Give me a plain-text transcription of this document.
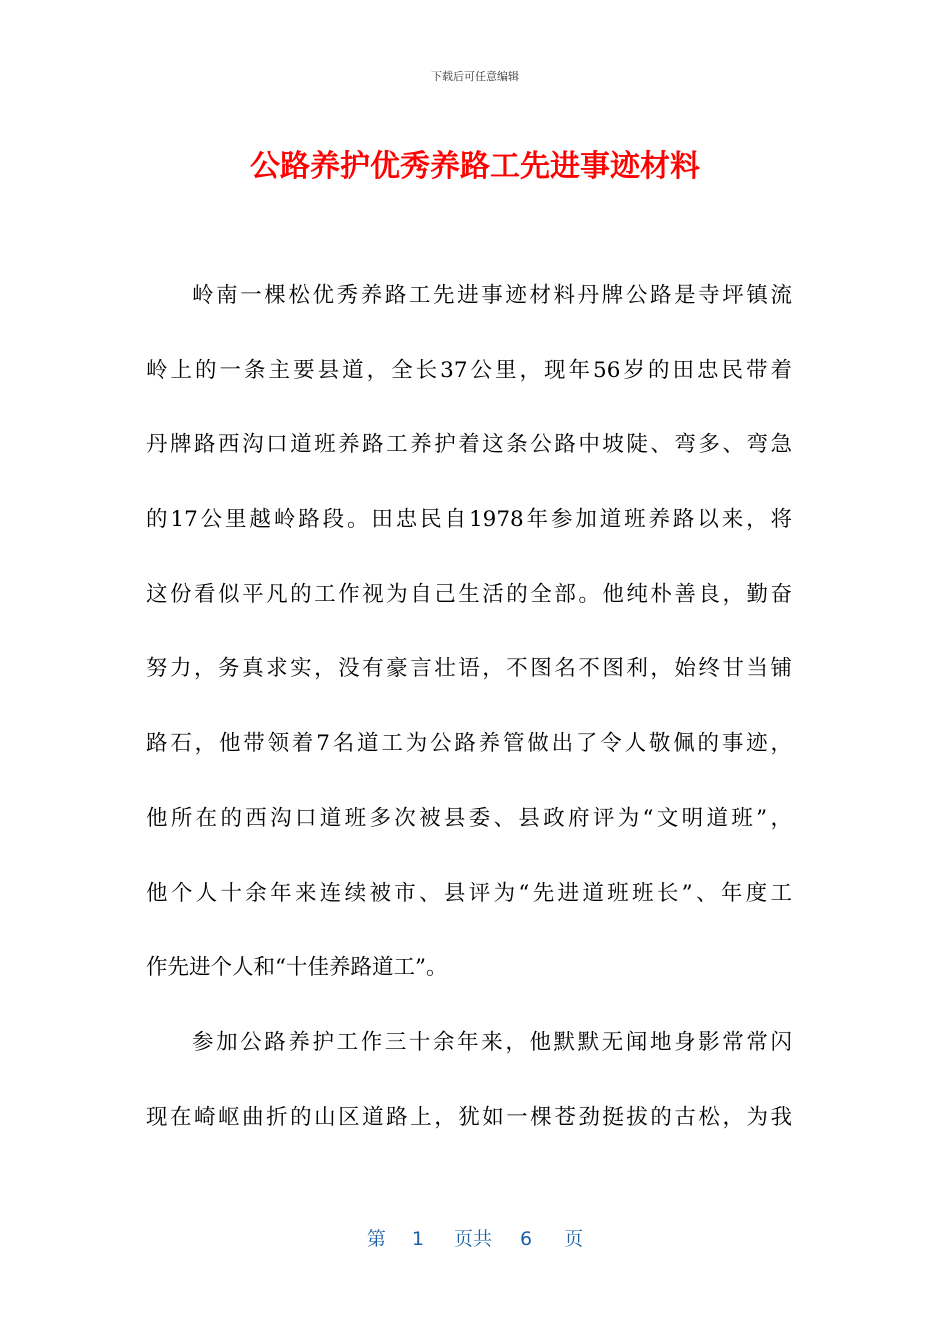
下载后可任意编辑
公路养护优秀养路工先进事迹材料
岭南一棵松优秀养路工先进事迹材料丹牌公路是寺坪镇流
岭上的一条主要县道，全长37公里，现年56岁的田忠民带着
丹牌路西沟口道班养路工养护着这条公路中坡陡、弯多、弯急
的17公里越岭路段。田忠民自1978年参加道班养路以来，将
这份看似平凡的工作视为自己生活的全部。他纯朴善良，勤奋
努力，务真求实，没有豪言壮语，不图名不图利，始终甘当铺
路石，他带领着7名道工为公路养管做出了令人敬佩的事迹，
他所在的西沟口道班多次被县委、县政府评为“文明道班”，
他个人十余年来连续被市、县评为“先进道班班长”、年度工
作先进个人和“十佳养路道工”。
参加公路养护工作三十余年来，他默默无闻地身影常常闪
现在崎岖曲折的山区道路上，犹如一棵苍劲挺拔的古松，为我
第 1 页共 6 页
